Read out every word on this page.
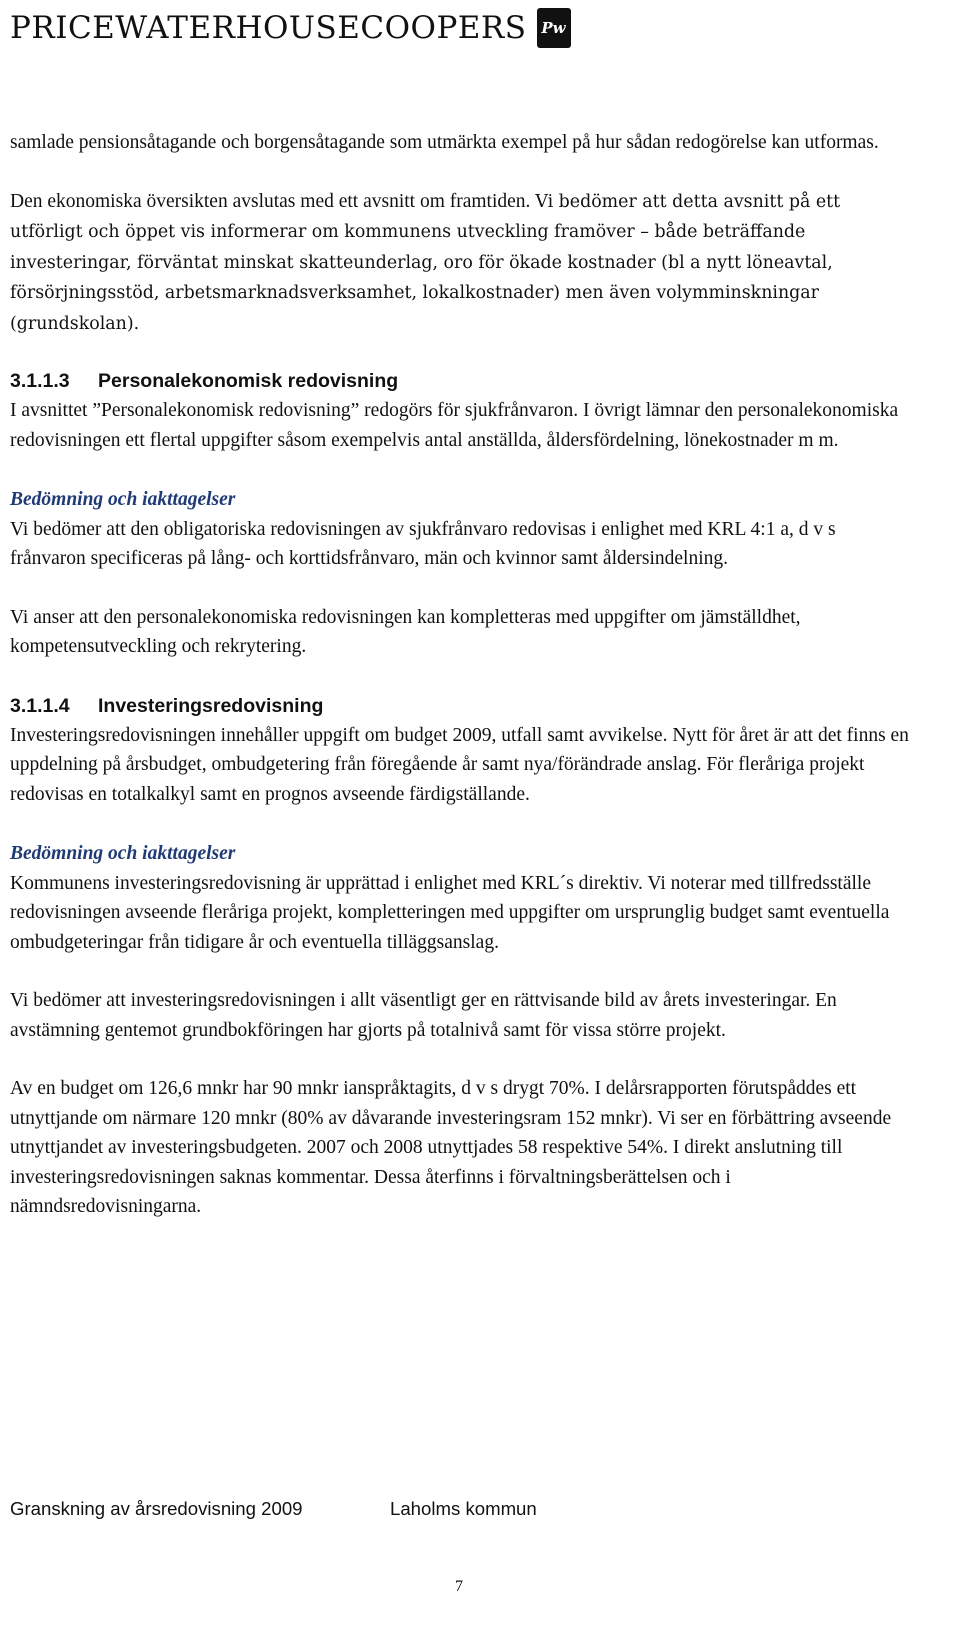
PRICEWATERHOUSECOOPERS Pw

samlade pensionsåtagande och borgensåtagande som utmärkta exempel på hur sådan redogörelse kan utformas.

Den ekonomiska översikten avslutas med ett avsnitt om framtiden. Vi bedömer att detta avsnitt på ett utförligt och öppet vis informerar om kommunens utveckling framöver – både beträffande investeringar, förväntat minskat skatteunderlag, oro för ökade kostnader (bl a nytt löneavtal, försörjningsstöd, arbetsmarknadsverksamhet, lokalkostnader) men även volymminskningar (grundskolan).

3.1.1.3 Personalekonomisk redovisning

I avsnittet ”Personalekonomisk redovisning” redogörs för sjukfrånvaron. I övrigt lämnar den personalekonomiska redovisningen ett flertal uppgifter såsom exempelvis antal anställda, åldersfördelning, lönekostnader m m.

Bedömning och iakttagelser

Vi bedömer att den obligatoriska redovisningen av sjukfrånvaro redovisas i enlighet med KRL 4:1 a, d v s frånvaron specificeras på lång- och korttidsfrånvaro, män och kvinnor samt åldersindelning.

Vi anser att den personalekonomiska redovisningen kan kompletteras med uppgifter om jämställdhet, kompetensutveckling och rekrytering.

3.1.1.4 Investeringsredovisning

Investeringsredovisningen innehåller uppgift om budget 2009, utfall samt avvikelse. Nytt för året är att det finns en uppdelning på årsbudget, ombudgetering från föregående år samt nya/förändrade anslag. För fleråriga projekt redovisas en totalkalkyl samt en prognos avseende färdigställande.

Bedömning och iakttagelser

Kommunens investeringsredovisning är upprättad i enlighet med KRL´s direktiv. Vi noterar med tillfredsställe redovisningen avseende fleråriga projekt, kompletteringen med uppgifter om ursprunglig budget samt eventuella ombudgeteringar från tidigare år och eventuella tilläggsanslag.

Vi bedömer att investeringsredovisningen i allt väsentligt ger en rättvisande bild av årets investeringar. En avstämning gentemot grundbokföringen har gjorts på totalnivå samt för vissa större projekt.

Av en budget om 126,6 mnkr har 90 mnkr ianspråktagits, d v s drygt 70%. I delårsrapporten förutspåddes ett utnyttjande om närmare 120 mnkr (80% av dåvarande investeringsram 152 mnkr). Vi ser en förbättring avseende utnyttjandet av investeringsbudgeten. 2007 och 2008 utnyttjades 58 respektive 54%. I direkt anslutning till investeringsredovisningen saknas kommentar. Dessa återfinns i förvaltningsberättelsen och i nämndsredovisningarna.

Granskning av årsredovisning 2009	Laholms kommun
7
